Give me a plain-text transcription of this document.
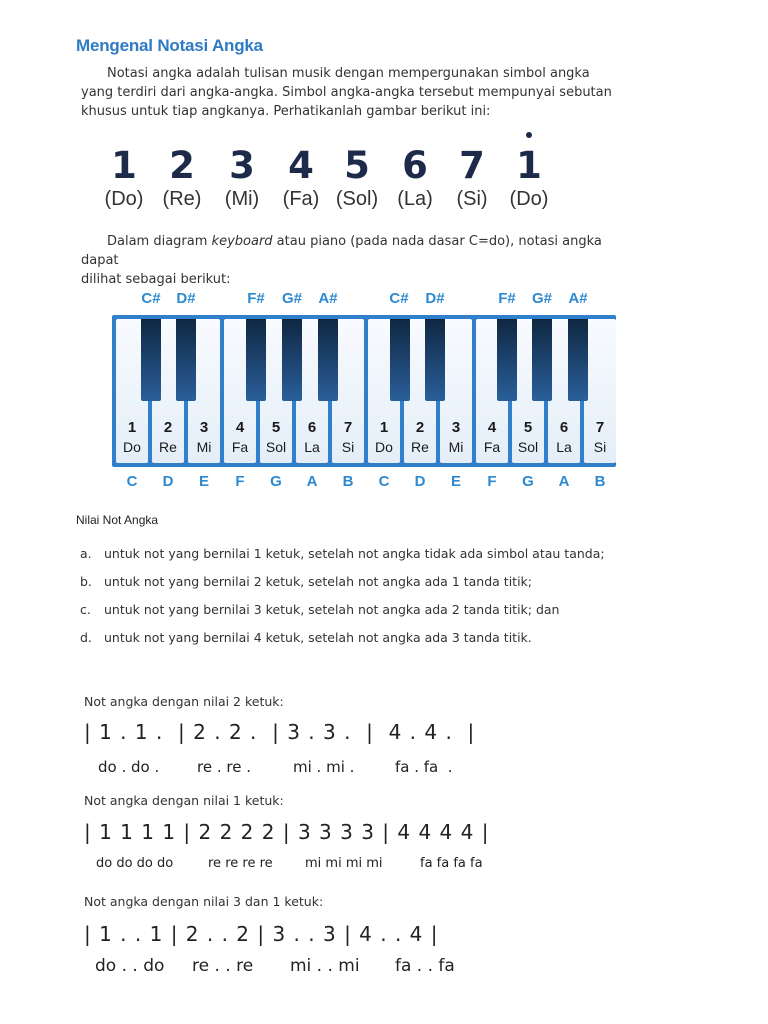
Mengenal Notasi Angka
Notasi angka adalah tulisan musik dengan mempergunakan simbol angka
yang terdiri dari angka-angka. Simbol angka-angka tersebut mempunyai sebutan
khusus untuk tiap angkanya. Perhatikanlah gambar berikut ini:
1
(Do)
2
(Re)
3
(Mi)
4
(Fa)
5
(Sol)
6
(La)
7
(Si)
1
(Do)
Dalam diagram keyboard atau piano (pada nada dasar C=do), notasi angka dapat
dilihat sebagai berikut:
C#	D#	F#	G#	A#	C#	D#	F#	G#	A#
1
Do
2
Re
3
Mi
4
Fa
5
Sol
6
La
7
Si
1
Do
2
Re
3
Mi
4
Fa
5
Sol
6
La
7
Si
C	D	E	F	G	A	B	C	D	E	F	G	A	B
Nilai Not Angka
a. untuk not yang bernilai 1 ketuk, setelah not angka tidak ada simbol atau tanda;
b. untuk not yang bernilai 2 ketuk, setelah not angka ada 1 tanda titik;
c. untuk not yang bernilai 3 ketuk, setelah not angka ada 2 tanda titik; dan
d. untuk not yang bernilai 4 ketuk, setelah not angka ada 3 tanda titik.
Not angka dengan nilai 2 ketuk:
| 1 . 1 .  | 2 . 2 .  | 3 . 3 .  |  4 . 4 .  |
do . do .	re . re .	mi . mi .	fa . fa  .
Not angka dengan nilai 1 ketuk:
| 1 1 1 1 | 2 2 2 2 | 3 3 3 3 | 4 4 4 4 |
do do do do	re re re re mi mi mi mi	fa fa fa fa
Not angka dengan nilai 3 dan 1 ketuk:
| 1 . . 1 | 2 . . 2 | 3 . . 3 | 4 . . 4 |
do . . do re . . re mi . . mi fa . . fa
